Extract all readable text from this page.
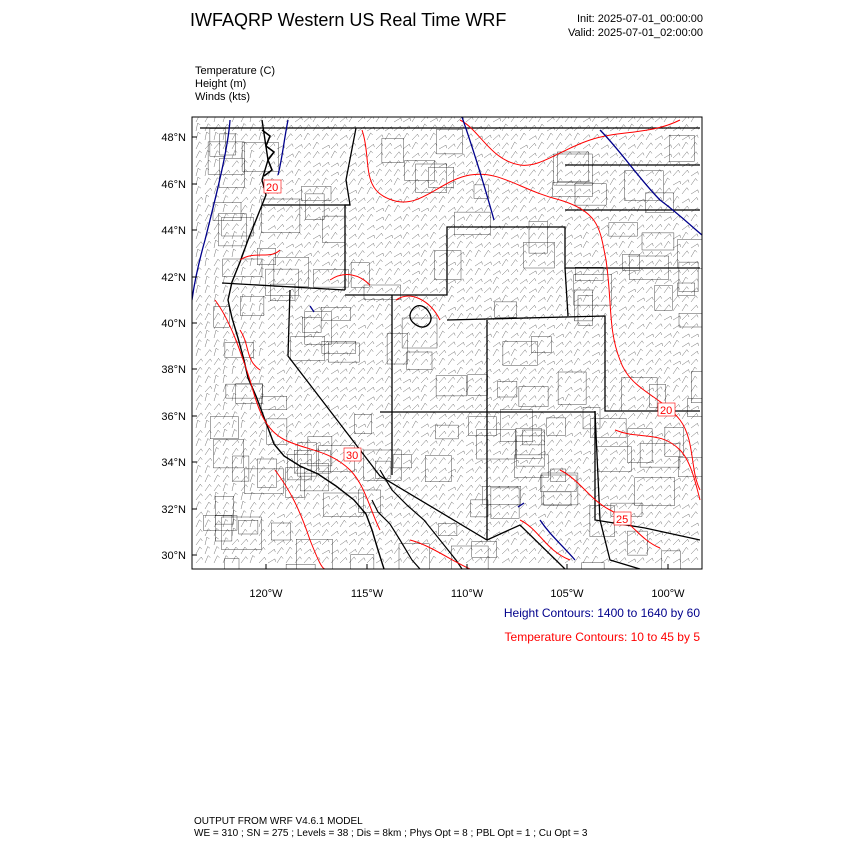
IWFAQRP Western US Real Time WRF	Init: 2025-07-01_00:00:00
Valid: 2025-07-01_02:00:00
Temperature (C)
Height (m)
Winds (kts)
48°N
46°N
44°N
42°N
40°N
38°N
36°N
34°N
32°N
30°N
120°W	115°W	110°W	105°W	100°W
20
30
20
25
Height Contours: 1400 to 1640 by 60
Temperature Contours: 10 to 45 by 5
OUTPUT FROM WRF V4.6.1 MODEL
WE = 310 ; SN = 275 ; Levels = 38 ; Dis = 8km ; Phys Opt = 8 ; PBL Opt = 1 ; Cu Opt = 3
